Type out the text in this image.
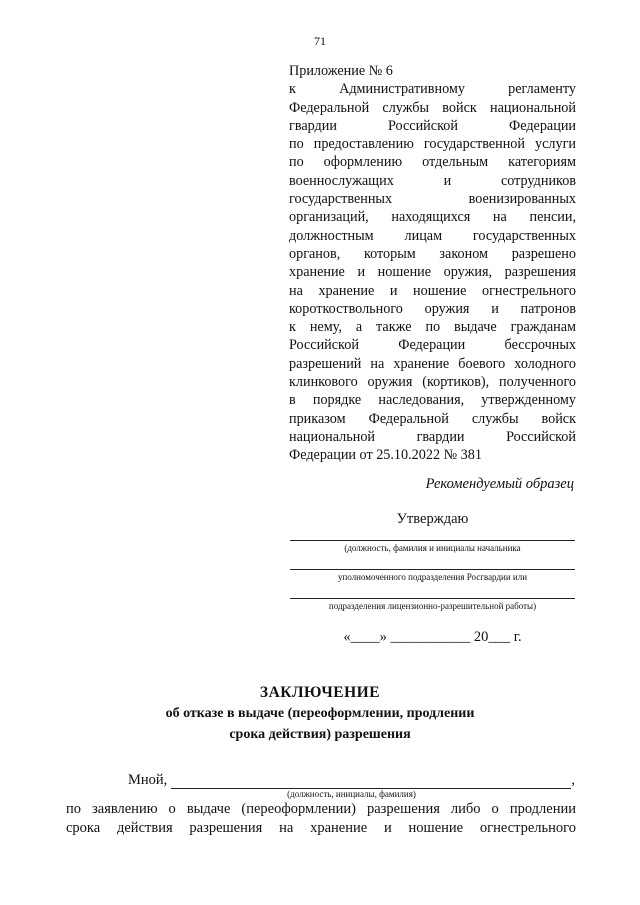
71
Приложение № 6
к Административному регламенту
Федеральной службы войск национальной
гвардии Российской Федерации
по предоставлению государственной услуги
по оформлению отдельным категориям
военнослужащих и сотрудников
государственных военизированных
организаций, находящихся на пенсии,
должностным лицам государственных
органов, которым законом разрешено
хранение и ношение оружия, разрешения
на хранение и ношение огнестрельного
короткоствольного оружия и патронов
к нему, а также по выдаче гражданам
Российской Федерации бессрочных
разрешений на хранение боевого холодного
клинкового оружия (кортиков), полученного
в порядке наследования, утвержденному
приказом Федеральной службы войск
национальной гвардии Российской
Федерации от 25.10.2022 № 381
Рекомендуемый образец
Утверждаю
(должность, фамилия и инициалы начальника
уполномоченного подразделения Росгвардии или
подразделения лицензионно-разрешительной работы)
«____» ___________ 20___ г.
ЗАКЛЮЧЕНИЕ
об отказе в выдаче (переоформлении, продлении
срока действия) разрешения
Мной,	,
(должность, инициалы, фамилия)
по заявлению о выдаче (переоформлении) разрешения либо о продлении
срока действия разрешения на хранение и ношение огнестрельного
